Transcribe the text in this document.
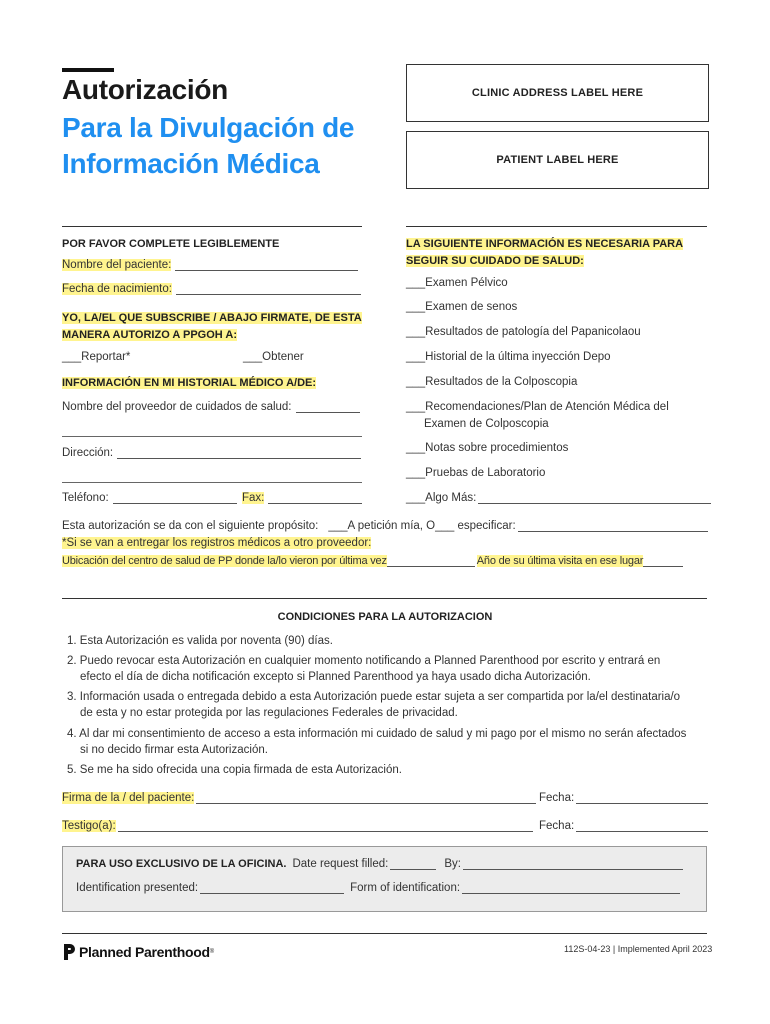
Autorización
Para la Divulgación de
Información Médica
CLINIC ADDRESS LABEL HERE
PATIENT LABEL HERE
POR FAVOR COMPLETE LEGIBLEMENTE
Nombre del paciente:
Fecha de nacimiento:
YO, LA/EL QUE SUBSCRIBE / ABAJO FIRMATE, DE ESTA
MANERA AUTORIZO A PPGOH A:
___Reportar*	___Obtener
INFORMACIÓN EN MI HISTORIAL MÉDICO A/DE:
Nombre del proveedor de cuidados de salud:
Dirección:
Teléfono:	Fax:
LA SIGUIENTE INFORMACIÓN ES NECESARIA PARA
SEGUIR SU CUIDADO DE SALUD:
___Examen Pélvico
___Examen de senos
___Resultados de patología del Papanicolaou
___Historial de la última inyección Depo
___Resultados de la Colposcopia
___Recomendaciones/Plan de Atención Médica del
Examen de Colposcopia
___Notas sobre procedimientos
___Pruebas de Laboratorio
___Algo Más:
Esta autorización se da con el siguiente propósito: ___A petición mía, O___ especificar:
*Si se van a entregar los registros médicos a otro proveedor:
Ubicación del centro de salud de PP donde la/lo vieron por última vez	Año de su última visita en ese lugar
CONDICIONES PARA LA AUTORIZACION
1. Esta Autorización es valida por noventa (90) días.
2. Puedo revocar esta Autorización en cualquier momento notificando a Planned Parenthood por escrito y entrará en
efecto el día de dicha notificación excepto si Planned Parenthood ya haya usado dicha Autorización.
3. Información usada o entregada debido a esta Autorización puede estar sujeta a ser compartida por la/el destinataria/o
de esta y no estar protegida por las regulaciones Federales de privacidad.
4. Al dar mi consentimiento de acceso a esta información mi cuidado de salud y mi pago por el mismo no serán afectados
si no decido firmar esta Autorización.
5. Se me ha sido ofrecida una copia firmada de esta Autorización.
Firma de la / del paciente:	Fecha:
Testigo(a):	Fecha:
PARA USO EXCLUSIVO DE LA OFICINA. Date request filled:	By:
Identification presented:	Form of identification:
Planned Parenthood ®	112S-04-23 | Implemented April 2023
